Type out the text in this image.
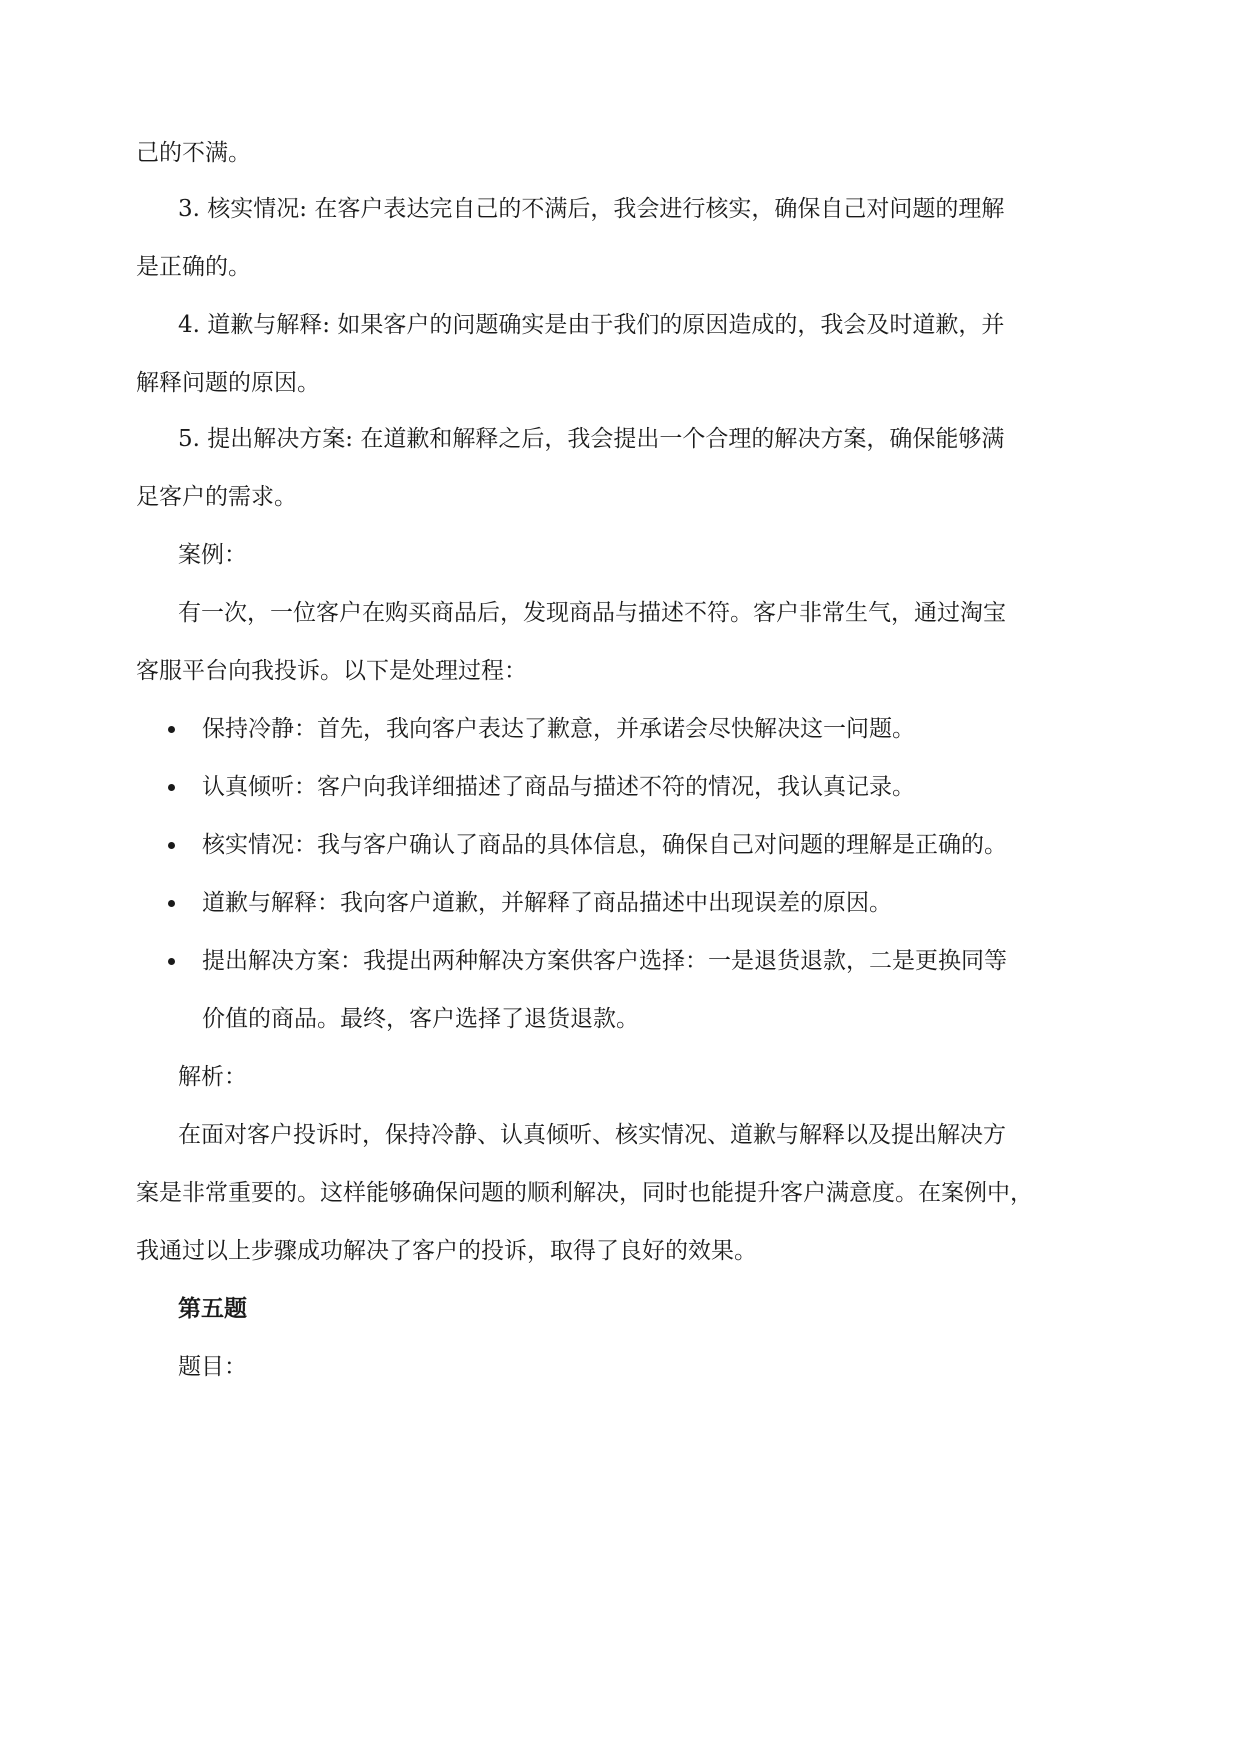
己的不满。
3. 核实情况: 在客户表达完自己的不满后，我会进行核实，确保自己对问题的理解
是正确的。
4. 道歉与解释: 如果客户的问题确实是由于我们的原因造成的，我会及时道歉，并
解释问题的原因。
5. 提出解决方案: 在道歉和解释之后，我会提出一个合理的解决方案，确保能够满
足客户的需求。
案例：
有一次，一位客户在购买商品后，发现商品与描述不符。客户非常生气，通过淘宝
客服平台向我投诉。以下是处理过程：
保持冷静：首先，我向客户表达了歉意，并承诺会尽快解决这一问题。
认真倾听：客户向我详细描述了商品与描述不符的情况，我认真记录。
核实情况：我与客户确认了商品的具体信息，确保自己对问题的理解是正确的。
道歉与解释：我向客户道歉，并解释了商品描述中出现误差的原因。
提出解决方案：我提出两种解决方案供客户选择：一是退货退款，二是更换同等
价值的商品。最终，客户选择了退货退款。
解析：
在面对客户投诉时，保持冷静、认真倾听、核实情况、道歉与解释以及提出解决方
案是非常重要的。这样能够确保问题的顺利解决，同时也能提升客户满意度。在案例中，
我通过以上步骤成功解决了客户的投诉，取得了良好的效果。
第五题
题目：
